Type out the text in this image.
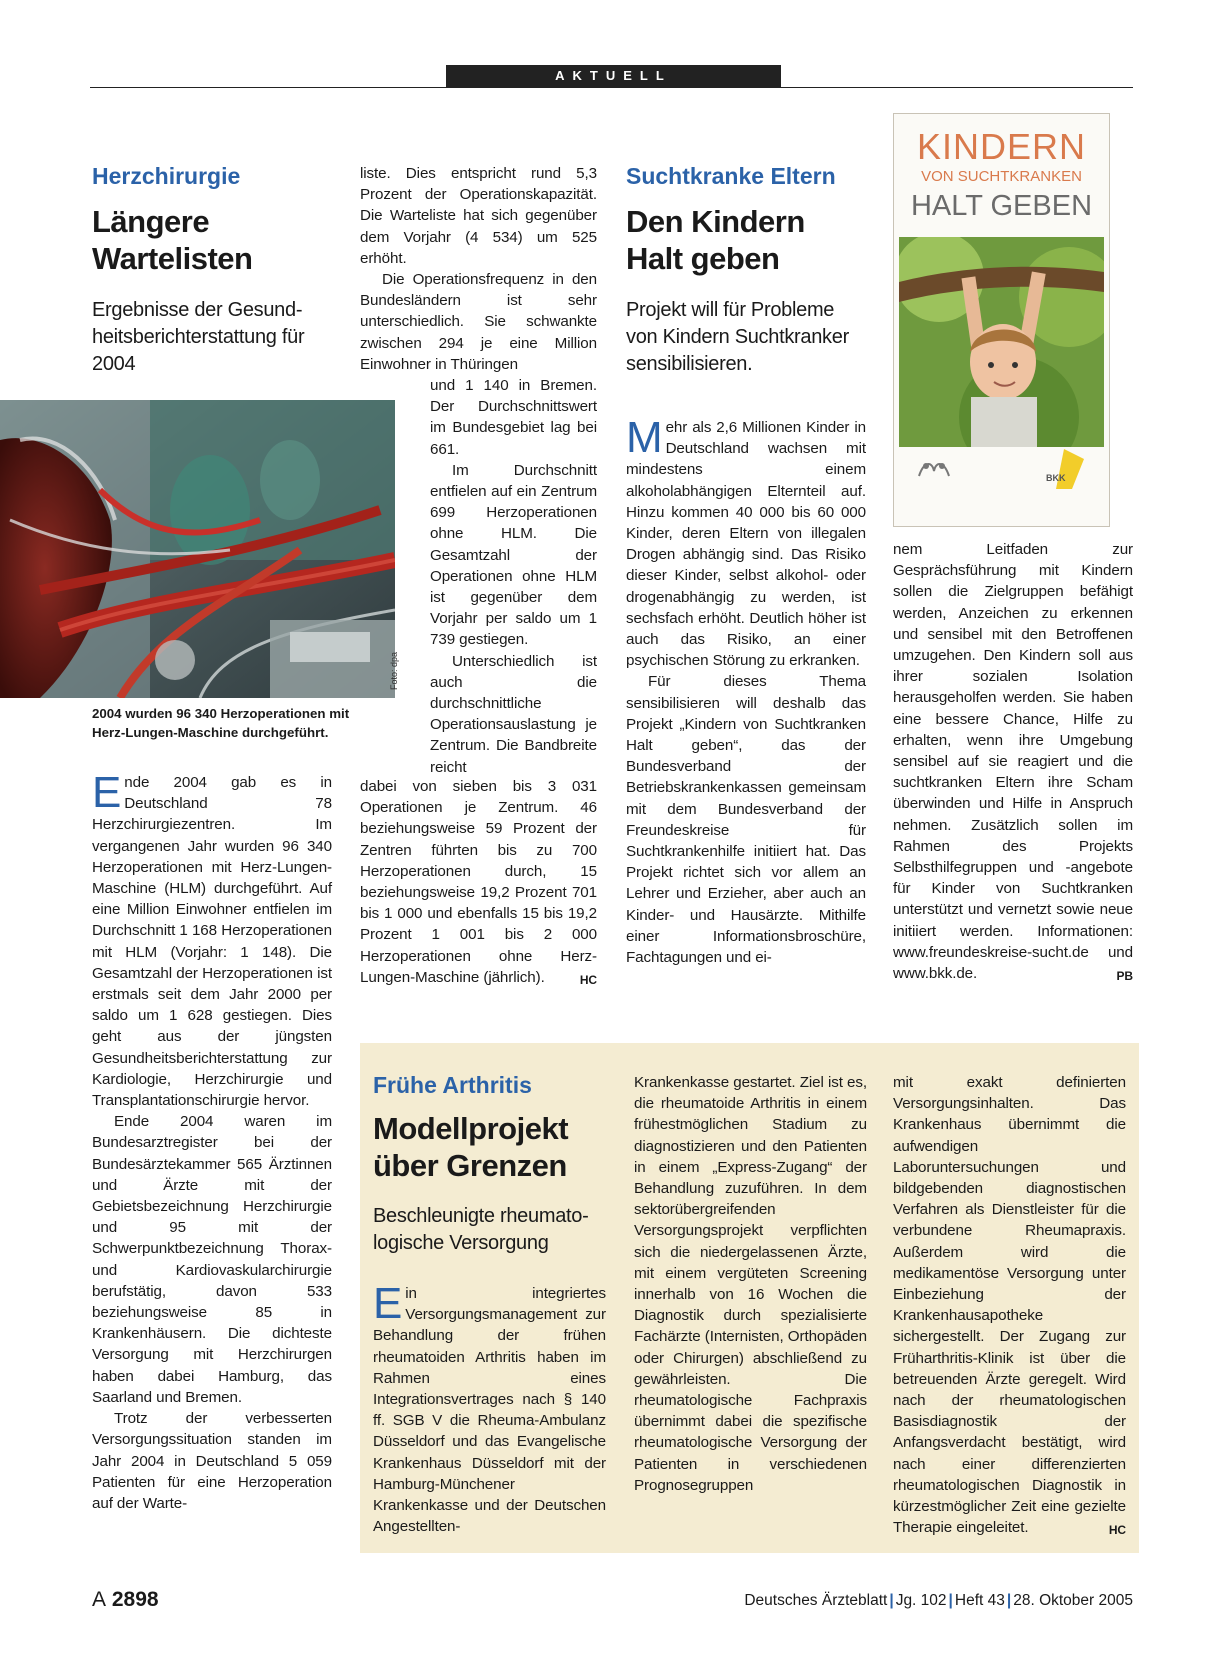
AKTUELL
Herzchirurgie
Längere
Wartelisten
Ergebnisse der Gesund-
heitsberichterstattung für
2004
Foto: dpa
2004 wurden 96 340 Herzoperationen mit
Herz-Lungen-Maschine durchgeführt.

Ende 2004 gab es in Deutschland 78 Herzchirurgiezentren. Im vergangenen Jahr wurden 96 340 Herzoperationen mit Herz-Lungen-Maschine (HLM) durchgeführt. Auf eine Million Einwohner entfielen im Durchschnitt 1 168 Herzoperationen mit HLM (Vorjahr: 1 148). Die Gesamtzahl der Herzoperationen ist erstmals seit dem Jahr 2000 per saldo um 1 628 gestiegen. Dies geht aus der jüngsten Gesundheitsberichterstattung zur Kardiologie, Herzchirurgie und Transplantationschirurgie hervor.

Ende 2004 waren im Bundesarztregister bei der Bundesärztekammer 565 Ärztinnen und Ärzte mit der Gebietsbezeichnung Herzchirurgie und 95 mit der Schwerpunktbezeichnung Thorax- und Kardiovaskularchirurgie berufstätig, davon 533 beziehungsweise 85 in Krankenhäusern. Die dichteste Versorgung mit Herzchirurgen haben dabei Hamburg, das Saarland und Bremen.

Trotz der verbesserten Versorgungssituation standen im Jahr 2004 in Deutschland 5 059 Patienten für eine Herzoperation auf der Warte-

liste. Dies entspricht rund 5,3 Prozent der Operationskapazität. Die Warteliste hat sich gegenüber dem Vorjahr (4 534) um 525 erhöht.

Die Operationsfrequenz in den Bundesländern ist sehr unterschiedlich. Sie schwankte zwischen 294 je eine Million Einwohner in Thüringen

und 1 140 in Bremen. Der Durchschnittswert im Bundesgebiet lag bei 661.

Im Durchschnitt entfielen auf ein Zentrum 699 Herzoperationen ohne HLM. Die Gesamtzahl der Operationen ohne HLM ist gegenüber dem Vorjahr per saldo um 1 739 gestiegen.

Unterschiedlich ist auch die durchschnittliche Operationsauslastung je Zentrum. Die Bandbreite reicht

dabei von sieben bis 3 031 Operationen je Zentrum. 46 beziehungsweise 59 Prozent der Zentren führten bis zu 700 Herzoperationen durch, 15 beziehungsweise 19,2 Prozent 701 bis 1 000 und ebenfalls 15 bis 19,2 Prozent 1 001 bis 2 000 Herzoperationen ohne Herz-Lungen-Maschine (jährlich).	HC

Suchtkranke Eltern
Den Kindern
Halt geben
Projekt will für Probleme
von Kindern Suchtkranker
sensibilisieren.

Mehr als 2,6 Millionen Kinder in Deutschland wachsen mit mindestens einem alkoholabhängigen Elternteil auf. Hinzu kommen 40 000 bis 60 000 Kinder, deren Eltern von illegalen Drogen abhängig sind. Das Risiko dieser Kinder, selbst alkohol- oder drogenabhängig zu werden, ist sechsfach erhöht. Deutlich höher ist auch das Risiko, an einer psychischen Störung zu erkranken.

Für dieses Thema sensibilisieren will deshalb das Projekt „Kindern von Suchtkranken Halt geben“, das der Bundesverband der Betriebskrankenkassen gemeinsam mit dem Bundesverband der Freundeskreise für Suchtkrankenhilfe initiiert hat. Das Projekt richtet sich vor allem an Lehrer und Erzieher, aber auch an Kinder- und Hausärzte. Mithilfe einer Informationsbroschüre, Fachtagungen und ei-

KINDERN
VON SUCHTKRANKEN
HALT GEBEN
BKK

nem Leitfaden zur Gesprächsführung mit Kindern sollen die Zielgruppen befähigt werden, Anzeichen zu erkennen und sensibel mit den Betroffenen umzugehen. Den Kindern soll aus ihrer sozialen Isolation herausgeholfen werden. Sie haben eine bessere Chance, Hilfe zu erhalten, wenn ihre Umgebung sensibel auf sie reagiert und die suchtkranken Eltern ihre Scham überwinden und Hilfe in Anspruch nehmen. Zusätzlich sollen im Rahmen des Projekts Selbsthilfegruppen und -angebote für Kinder von Suchtkranken unterstützt und vernetzt sowie neue initiiert werden. Informationen: www.freundeskreise-sucht.de und www.bkk.de.	PB

Frühe Arthritis
Modellprojekt
über Grenzen
Beschleunigte rheumato-
logische Versorgung

Ein integriertes Versorgungsmanagement zur Behandlung der frühen rheumatoiden Arthritis haben im Rahmen eines Integrationsvertrages nach § 140 ff. SGB V die Rheuma-Ambulanz Düsseldorf und das Evangelische Krankenhaus Düsseldorf mit der Hamburg-Münchener Krankenkasse und der Deutschen Angestellten-

Krankenkasse gestartet. Ziel ist es, die rheumatoide Arthritis in einem frühestmöglichen Stadium zu diagnostizieren und den Patienten in einem „Express-Zugang“ der Behandlung zuzuführen. In dem sektorübergreifenden Versorgungsprojekt verpflichten sich die niedergelassenen Ärzte, mit einem vergüteten Screening innerhalb von 16 Wochen die Diagnostik durch spezialisierte Fachärzte (Internisten, Orthopäden oder Chirurgen) abschließend zu gewährleisten. Die rheumatologische Fachpraxis übernimmt dabei die spezifische rheumatologische Versorgung der Patienten in verschiedenen Prognosegruppen

mit exakt definierten Versorgungsinhalten. Das Krankenhaus übernimmt die aufwendigen Laboruntersuchungen und bildgebenden diagnostischen Verfahren als Dienstleister für die verbundene Rheumapraxis. Außerdem wird die medikamentöse Versorgung unter Einbeziehung der Krankenhausapotheke sichergestellt. Der Zugang zur Früharthritis-Klinik ist über die betreuenden Ärzte geregelt. Wird nach der rheumatologischen Basisdiagnostik der Anfangsverdacht bestätigt, wird nach einer differenzierten rheumatologischen Diagnostik in kürzestmöglicher Zeit eine gezielte Therapie eingeleitet.	HC

A 2898	Deutsches Ärzteblatt | Jg. 102 | Heft 43 | 28. Oktober 2005
